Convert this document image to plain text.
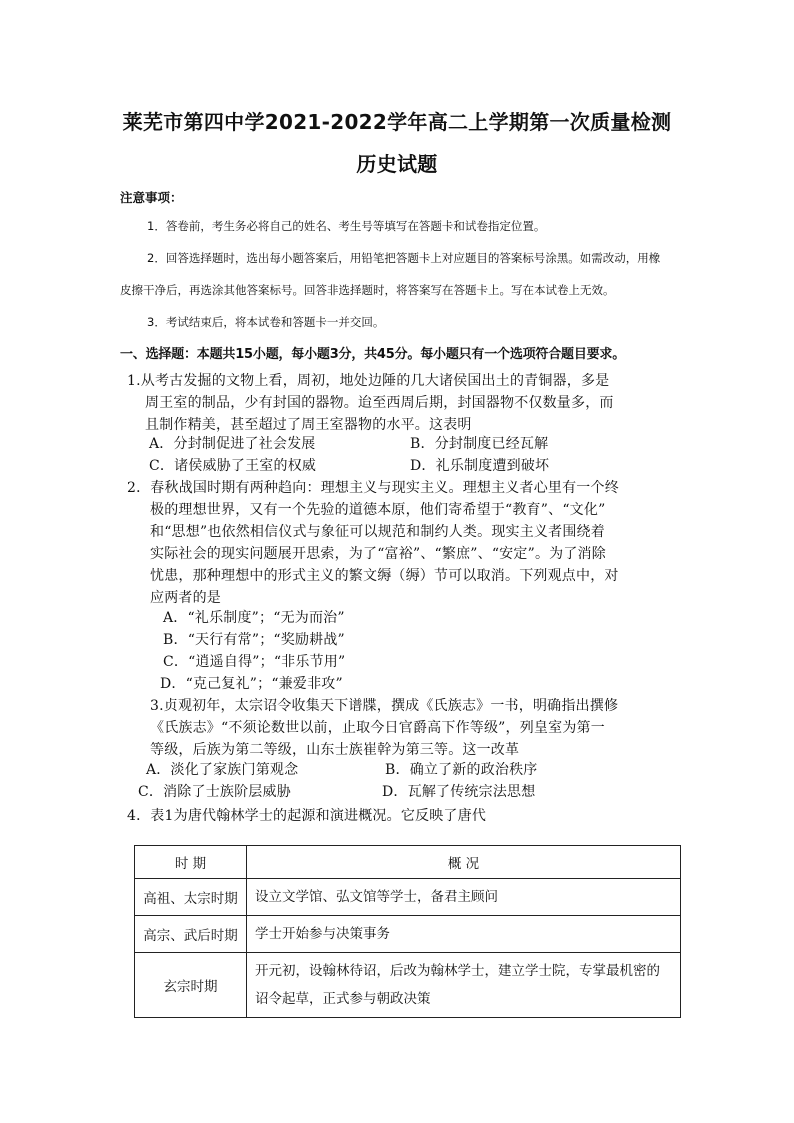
莱芜市第四中学2021-2022学年高二上学期第一次质量检测
历史试题
注意事项：
1．答卷前，考生务必将自己的姓名、考生号等填写在答题卡和试卷指定位置。
2．回答选择题时，选出每小题答案后，用铅笔把答题卡上对应题目的答案标号涂黑。如需改动，用橡
皮擦干净后，再选涂其他答案标号。回答非选择题时，将答案写在答题卡上。写在本试卷上无效。
3．考试结束后，将本试卷和答题卡一并交回。
一、选择题：本题共15小题，每小题3分，共45分。每小题只有一个选项符合题目要求。
1.从考古发掘的文物上看，周初，地处边陲的几大诸侯国出土的青铜器，多是
周王室的制品，少有封国的器物。迨至西周后期，封国器物不仅数量多，而
且制作精美，甚至超过了周王室器物的水平。这表明
A．分封制促进了社会发展	B．分封制度已经瓦解
C．诸侯威胁了王室的权威	D．礼乐制度遭到破坏
2．春秋战国时期有两种趋向：理想主义与现实主义。理想主义者心里有一个终
极的理想世界，又有一个先验的道德本原，他们寄希望于“教育”、“文化”
和“思想”也依然相信仪式与象征可以规范和制约人类。现实主义者围绕着
实际社会的现实问题展开思索，为了“富裕”、“繁庶”、“安定”。为了消除
忧患，那种理想中的形式主义的繁文缛（缛）节可以取消。下列观点中，对
应两者的是
A．“礼乐制度”；“无为而治”
B．“天行有常”；“奖励耕战”
C．“逍遥自得”；“非乐节用”
D．“克己复礼”；“兼爱非攻”
3.贞观初年，太宗诏令收集天下谱牒，撰成《氏族志》一书，明确指出撰修
《氏族志》“不须论数世以前，止取今日官爵高下作等级”，列皇室为第一
等级，后族为第二等级，山东士族崔幹为第三等。这一改革
A．淡化了家族门第观念	B．确立了新的政治秩序
C．消除了士族阶层威胁	D．瓦解了传统宗法思想
4．表1为唐代翰林学士的起源和演进概况。它反映了唐代
时 期	概 况
高祖、太宗时期	设立文学馆、弘文馆等学士，备君主顾问
高宗、武后时期	学士开始参与决策事务
玄宗时期	开元初，设翰林待诏，后改为翰林学士，建立学士院，专掌最机密的诏令起草，正式参与朝政决策
